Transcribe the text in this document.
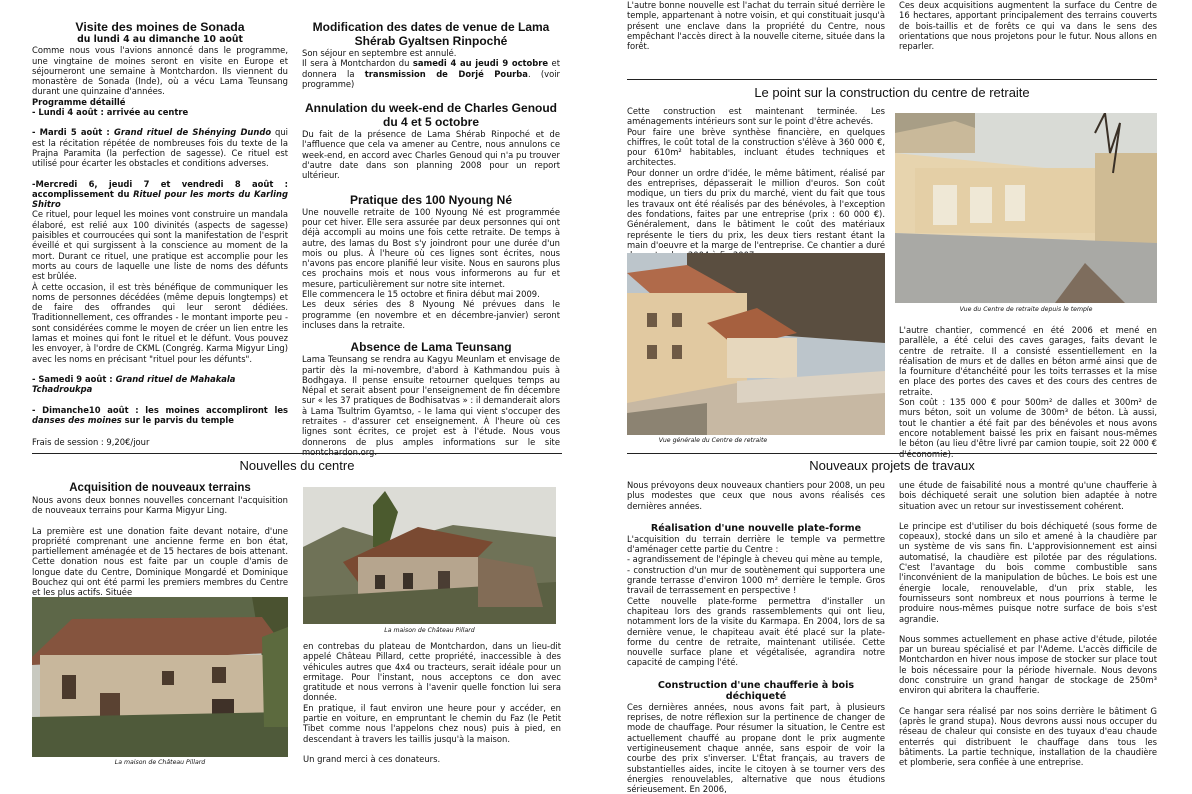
Visite des moines de Sonada
du lundi 4 au dimanche 10 août

Comme nous vous l'avions annoncé dans le programme, une vingtaine de moines seront en visite en Europe et séjourneront une semaine à Montchardon. Ils viennent du monastère de Sonada (Inde), où a vécu Lama Teunsang durant une quinzaine d'années.

Programme détaillé

- Lundi 4 août : arrivée au centre

- Mardi 5 août : Grand rituel de Shénying Dundo qui est la récitation répétée de nombreuses fois du texte de la Prajna Paramita (la perfection de sagesse). Ce rituel est utilisé pour écarter les obstacles et conditions adverses.

-Mercredi 6, jeudi 7 et vendredi 8 août : accomplissement du Rituel pour les morts du Karling Shitro

Ce rituel, pour lequel les moines vont construire un mandala élaboré, est relié aux 100 divinités (aspects de sagesse) paisibles et courroucées qui sont la manifestation de l'esprit éveillé et qui surgissent à la conscience au moment de la mort. Durant ce rituel, une pratique est accomplie pour les morts au cours de laquelle une liste de noms des défunts est brûlée.
À cette occasion, il est très bénéfique de communiquer les noms de personnes décédées (même depuis longtemps) et de faire des offrandes qui leur seront dédiées. Traditionnellement, ces offrandes - le montant importe peu - sont considérées comme le moyen de créer un lien entre les lamas et moines qui font le rituel et le défunt. Vous pouvez les envoyer, à l'ordre de CKML (Congrég. Karma Migyur Ling) avec les noms en précisant "rituel pour les défunts".

- Samedi 9 août : Grand rituel de Mahakala Tchadroukpa

- Dimanche10 août : les moines accompliront les danses des moines sur le parvis du temple

Frais de session : 9,20€/jour

Modification des dates de venue de Lama Shérab Gyaltsen Rinpoché

Son séjour en septembre est annulé.
Il sera à Montchardon du samedi 4 au jeudi 9 octobre et donnera la transmission de Dorjé Pourba. (voir programme)

Annulation du week-end de Charles Genoud du 4 et 5 octobre

Du fait de la présence de Lama Shérab Rinpoché et de l'affluence que cela va amener au Centre, nous annulons ce week-end, en accord avec Charles Genoud qui n'a pu trouver d'autre date dans son planning 2008 pour un report ultérieur.

Pratique des 100 Nyoung Né

Une nouvelle retraite de 100 Nyoung Né est programmée pour cet hiver. Elle sera assurée par deux personnes qui ont déjà accompli au moins une fois cette retraite. De temps à autre, des lamas du Bost s'y joindront pour une durée d'un mois ou plus. À l'heure où ces lignes sont écrites, nous n'avons pas encore planifié leur visite. Nous en saurons plus ces prochains mois et nous vous informerons au fur et mesure, particulièrement sur notre site internet.
Elle commencera le 15 octobre et finira début mai 2009.
Les deux séries des 8 Nyoung Né prévues dans le programme (en novembre et en décembre-janvier) seront incluses dans la retraite.

Absence de Lama Teunsang

Lama Teunsang se rendra au Kagyu Meunlam et envisage de partir dès la mi-novembre, d'abord à Kathmandou puis à Bodhgaya. Il pense ensuite retourner quelques temps au Népal et serait absent pour l'enseignement de fin décembre sur « les 37 pratiques de Bodhisatvas » : il demanderait alors à Lama Tsultrim Gyamtso, - le lama qui vient s'occuper des retraites - d'assurer cet enseignement. À l'heure où ces lignes sont écrites, ce projet est à l'étude. Nous vous donnerons de plus amples informations sur le site montchardon.org.

Nouvelles du centre
Acquisition de nouveaux terrains

Nous avons deux bonnes nouvelles concernant l'acquisition de nouveaux terrains pour Karma Migyur Ling.

La première est une donation faite devant notaire, d'une propriété comprenant une ancienne ferme en bon état, partiellement aménagée et de 15 hectares de bois attenant. Cette donation nous est faite par un couple d'amis de longue date du Centre, Dominique Mongardé et Dominique Bouchez qui ont été parmi les premiers membres du Centre et les plus actifs. Située

La maison de Château Pillard
La maison de Château Pillard

en contrebas du plateau de Montchardon, dans un lieu-dit appelé Château Pillard, cette propriété, inaccessible à des véhicules autres que 4x4 ou tracteurs, serait idéale pour un ermitage. Pour l'instant, nous acceptons ce don avec gratitude et nous verrons à l'avenir quelle fonction lui sera donnée.
En pratique, il faut environ une heure pour y accéder, en partie en voiture, en empruntant le chemin du Faz (le Petit Tibet comme nous l'appelons chez nous) puis à pied, en descendant à travers les taillis jusqu'à la maison.

Un grand merci à ces donateurs.

L'autre bonne nouvelle est l'achat du terrain situé derrière le temple, appartenant à notre voisin, et qui constituait jusqu'à présent une enclave dans la propriété du Centre, nous empêchant l'accès direct à la nouvelle citerne, située dans la forêt.

Ces deux acquisitions augmentent la surface du Centre de 16 hectares, apportant principalement des terrains couverts de bois-taillis et de forêts ce qui va dans le sens des orientations que nous projetons pour le futur. Nous allons en reparler.

Le point sur la construction du centre de retraite

Cette construction est maintenant terminée. Les aménagements intérieurs sont sur le point d'être achevés.
Pour faire une brève synthèse financière, en quelques chiffres, le coût total de la construction s'élève à 360 000 €, pour 610m² habitables, incluant études techniques et architectes.
Pour donner un ordre d'idée, le même bâtiment, réalisé par des entreprises, dépasserait le million d'euros. Son coût modique, un tiers du prix du marché, vient du fait que tous les travaux ont été réalisés par des bénévoles, à l'exception des fondations, faites par une entreprise (prix : 60 000 €). Généralement, dans le bâtiment le coût des matériaux représente le tiers du prix, les deux tiers restant étant la main d'oeuvre et la marge de l'entreprise. Ce chantier a duré

Vue du Centre de retraite depuis le temple
Vue générale du Centre de retraite

L'autre chantier, commencé en été 2006 et mené en parallèle, a été celui des caves garages, faits devant le centre de retraite. Il a consisté essentiellement en la réalisation de murs et de dalles en béton armé ainsi que de la fourniture d'étanchéité pour les toits terrasses et la mise en place des portes des caves et des cours des centres de retraite.
Son coût : 135 000 € pour 500m² de dalles et 300m² de murs béton, soit un volume de 300m³ de béton. Là aussi, tout le chantier a été fait par des bénévoles et nous avons encore notablement baissé les prix en faisant nous-mêmes le béton (au lieu d'être livré par camion toupie, soit 22 000 € d'économie).

Nouveaux projets de travaux

Nous prévoyons deux nouveaux chantiers pour 2008, un peu plus modestes que ceux que nous avons réalisés ces dernières années.

Réalisation d'une nouvelle plate-forme

L'acquisition du terrain derrière le temple va permettre d'aménager cette partie du Centre :
- agrandissement de l'épingle à cheveu qui mène au temple,
- construction d'un mur de soutènement qui supportera une grande terrasse d'environ 1000 m² derrière le temple. Gros travail de terrassement en perspective !
Cette nouvelle plate-forme permettra d'installer un chapiteau lors des grands rassemblements qui ont lieu, notamment lors de la visite du Karmapa. En 2004, lors de sa dernière venue, le chapiteau avait été placé sur la plate-forme du centre de retraite, maintenant utilisée. Cette nouvelle surface plane et végétalisée, agrandira notre capacité de camping l'été.

Construction d'une chaufferie à bois déchiqueté

Ces dernières années, nous avons fait part, à plusieurs reprises, de notre réflexion sur la pertinence de changer de mode de chauffage. Pour résumer la situation, le Centre est actuellement chauffé au propane dont le prix augmente vertigineusement chaque année, sans espoir de voir la courbe des prix s'inverser. L'État français, au travers de substantielles aides, incite le citoyen à se tourner vers des énergies renouvelables, alternative que nous étudions sérieusement. En 2006,

une étude de faisabilité nous a montré qu'une chaufferie à bois déchiqueté serait une solution bien adaptée à notre situation avec un retour sur investissement cohérent.

Le principe est d'utiliser du bois déchiqueté (sous forme de copeaux), stocké dans un silo et amené à la chaudière par un système de vis sans fin. L'approvisionnement est ainsi automatisé, la chaudière est pilotée par des régulations. C'est l'avantage du bois comme combustible sans l'inconvénient de la manipulation de bûches. Le bois est une énergie locale, renouvelable, d'un prix stable, les fournisseurs sont nombreux et nous pourrions à terme le produire nous-mêmes puisque notre surface de bois s'est agrandie.

Nous sommes actuellement en phase active d'étude, pilotée par un bureau spécialisé et par l'Ademe. L'accès difficile de Montchardon en hiver nous impose de stocker sur place tout le bois nécessaire pour la période hivernale. Nous devons donc construire un grand hangar de stockage de 250m³ environ qui abritera la chaufferie.

Ce hangar sera réalisé par nos soins derrière le bâtiment G (après le grand stupa). Nous devrons aussi nous occuper du réseau de chaleur qui consiste en des tuyaux d'eau chaude enterrés qui distribuent le chauffage dans tous les bâtiments. La partie technique, installation de la chaudière et plomberie, sera confiée à une entreprise.
